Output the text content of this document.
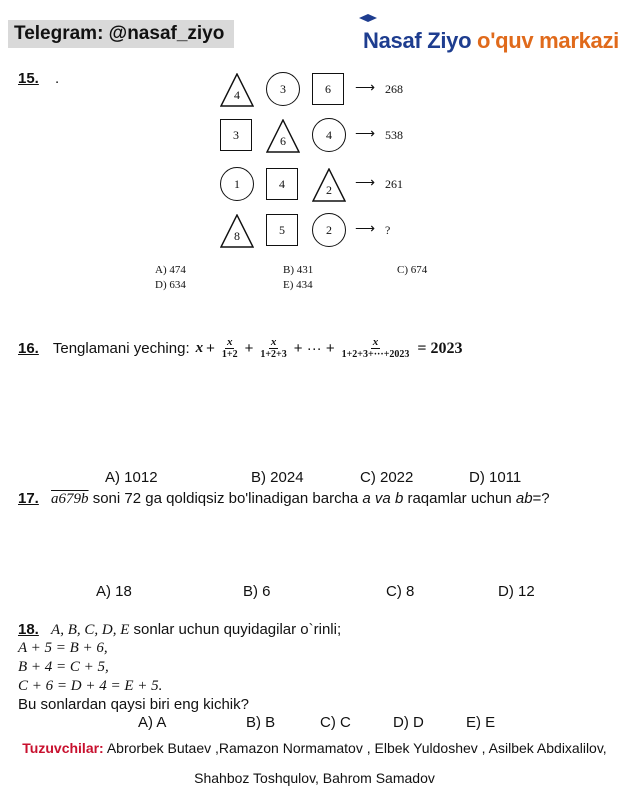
Telegram: @nasaf_ziyo	Nasaf Ziyo o'quv markazi
15. .
4	3	6 ⟶ 268
3	6	4 ⟶ 538
1	4	2 ⟶ 261
8	5	2 ⟶ ?
A) 474	B) 431	C) 674
D) 634	E) 434
16. Tenglamani yeching: $x + \frac{x}{1+2} + \frac{x}{1+2+3}$ + ··· + $\frac{x}{1+2+3+\cdot\cdot\cdot+2023} = 2023$
A) 1012	B) 2024	C) 2022	D) 1011
17. a679b soni 72 ga qoldiqsiz bo'linadigan barcha a va b raqamlar uchun ab=?
A) 18	B) 6	C) 8	D) 12
18. A, B, C, D, E sonlar uchun quyidagilar o`rinli;
A + 5 = B + 6,
B + 4 = C + 5,
C + 6 = D + 4 = E + 5.
Bu sonlardan qaysi biri eng kichik?
A) A	B) B	C) C	D) D	E) E
Tuzuvchilar: Abrorbek Butaev ,Ramazon Normamatov , Elbek Yuldoshev , Asilbek Abdixalilov,
Shahboz Toshqulov, Bahrom Samadov
